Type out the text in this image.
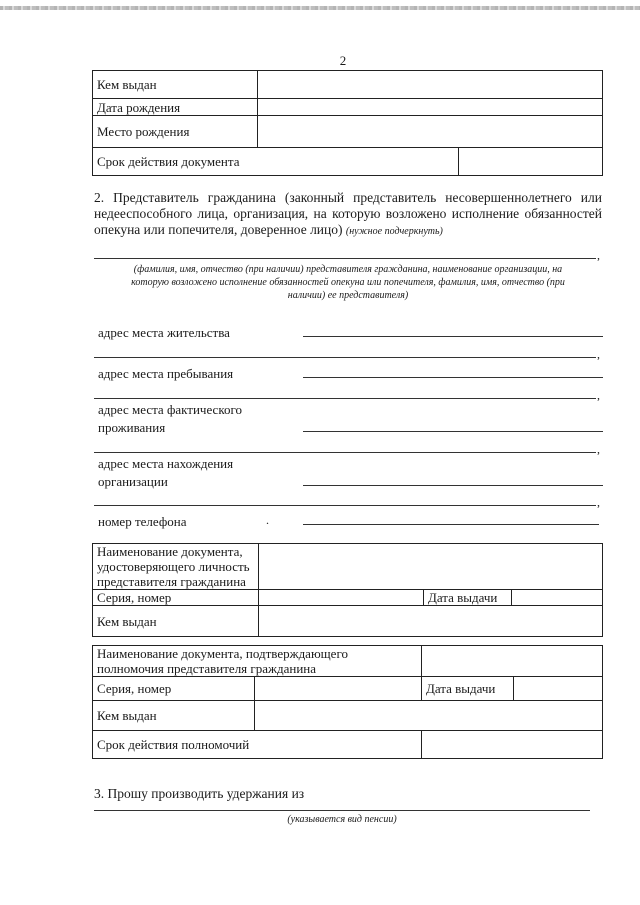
2
Кем выдан		
Дата рождения		
Место рождения		
Срок действия документа		
2. Представитель гражданина (законный представитель несовершеннолетнего или недееспособного лица, организация, на которую возложено исполнение обязанностей опекуна или попечителя, доверенное лицо) (нужное подчеркнуть)
,
(фамилия, имя, отчество (при наличии) представителя гражданина, наименование организации, на
которую возложено исполнение обязанностей опекуна или попечителя, фамилия, имя, отчество (при
наличии) ее представителя)
адрес места жительства
,
адрес места пребывания
,
адрес места фактического
проживания
,
адрес места нахождения
организации
,
номер телефона	.
Наименование документа,
удостоверяющего личность
представителя гражданина			

Серия, номер		Дата выдачи	
Кем выдан			
Наименование документа, подтверждающего
полномочия представителя гражданина			

Серия, номер		Дата выдачи	
Кем выдан			
Срок действия полномочий			
3. Прошу производить удержания из
(указывается вид пенсии)
